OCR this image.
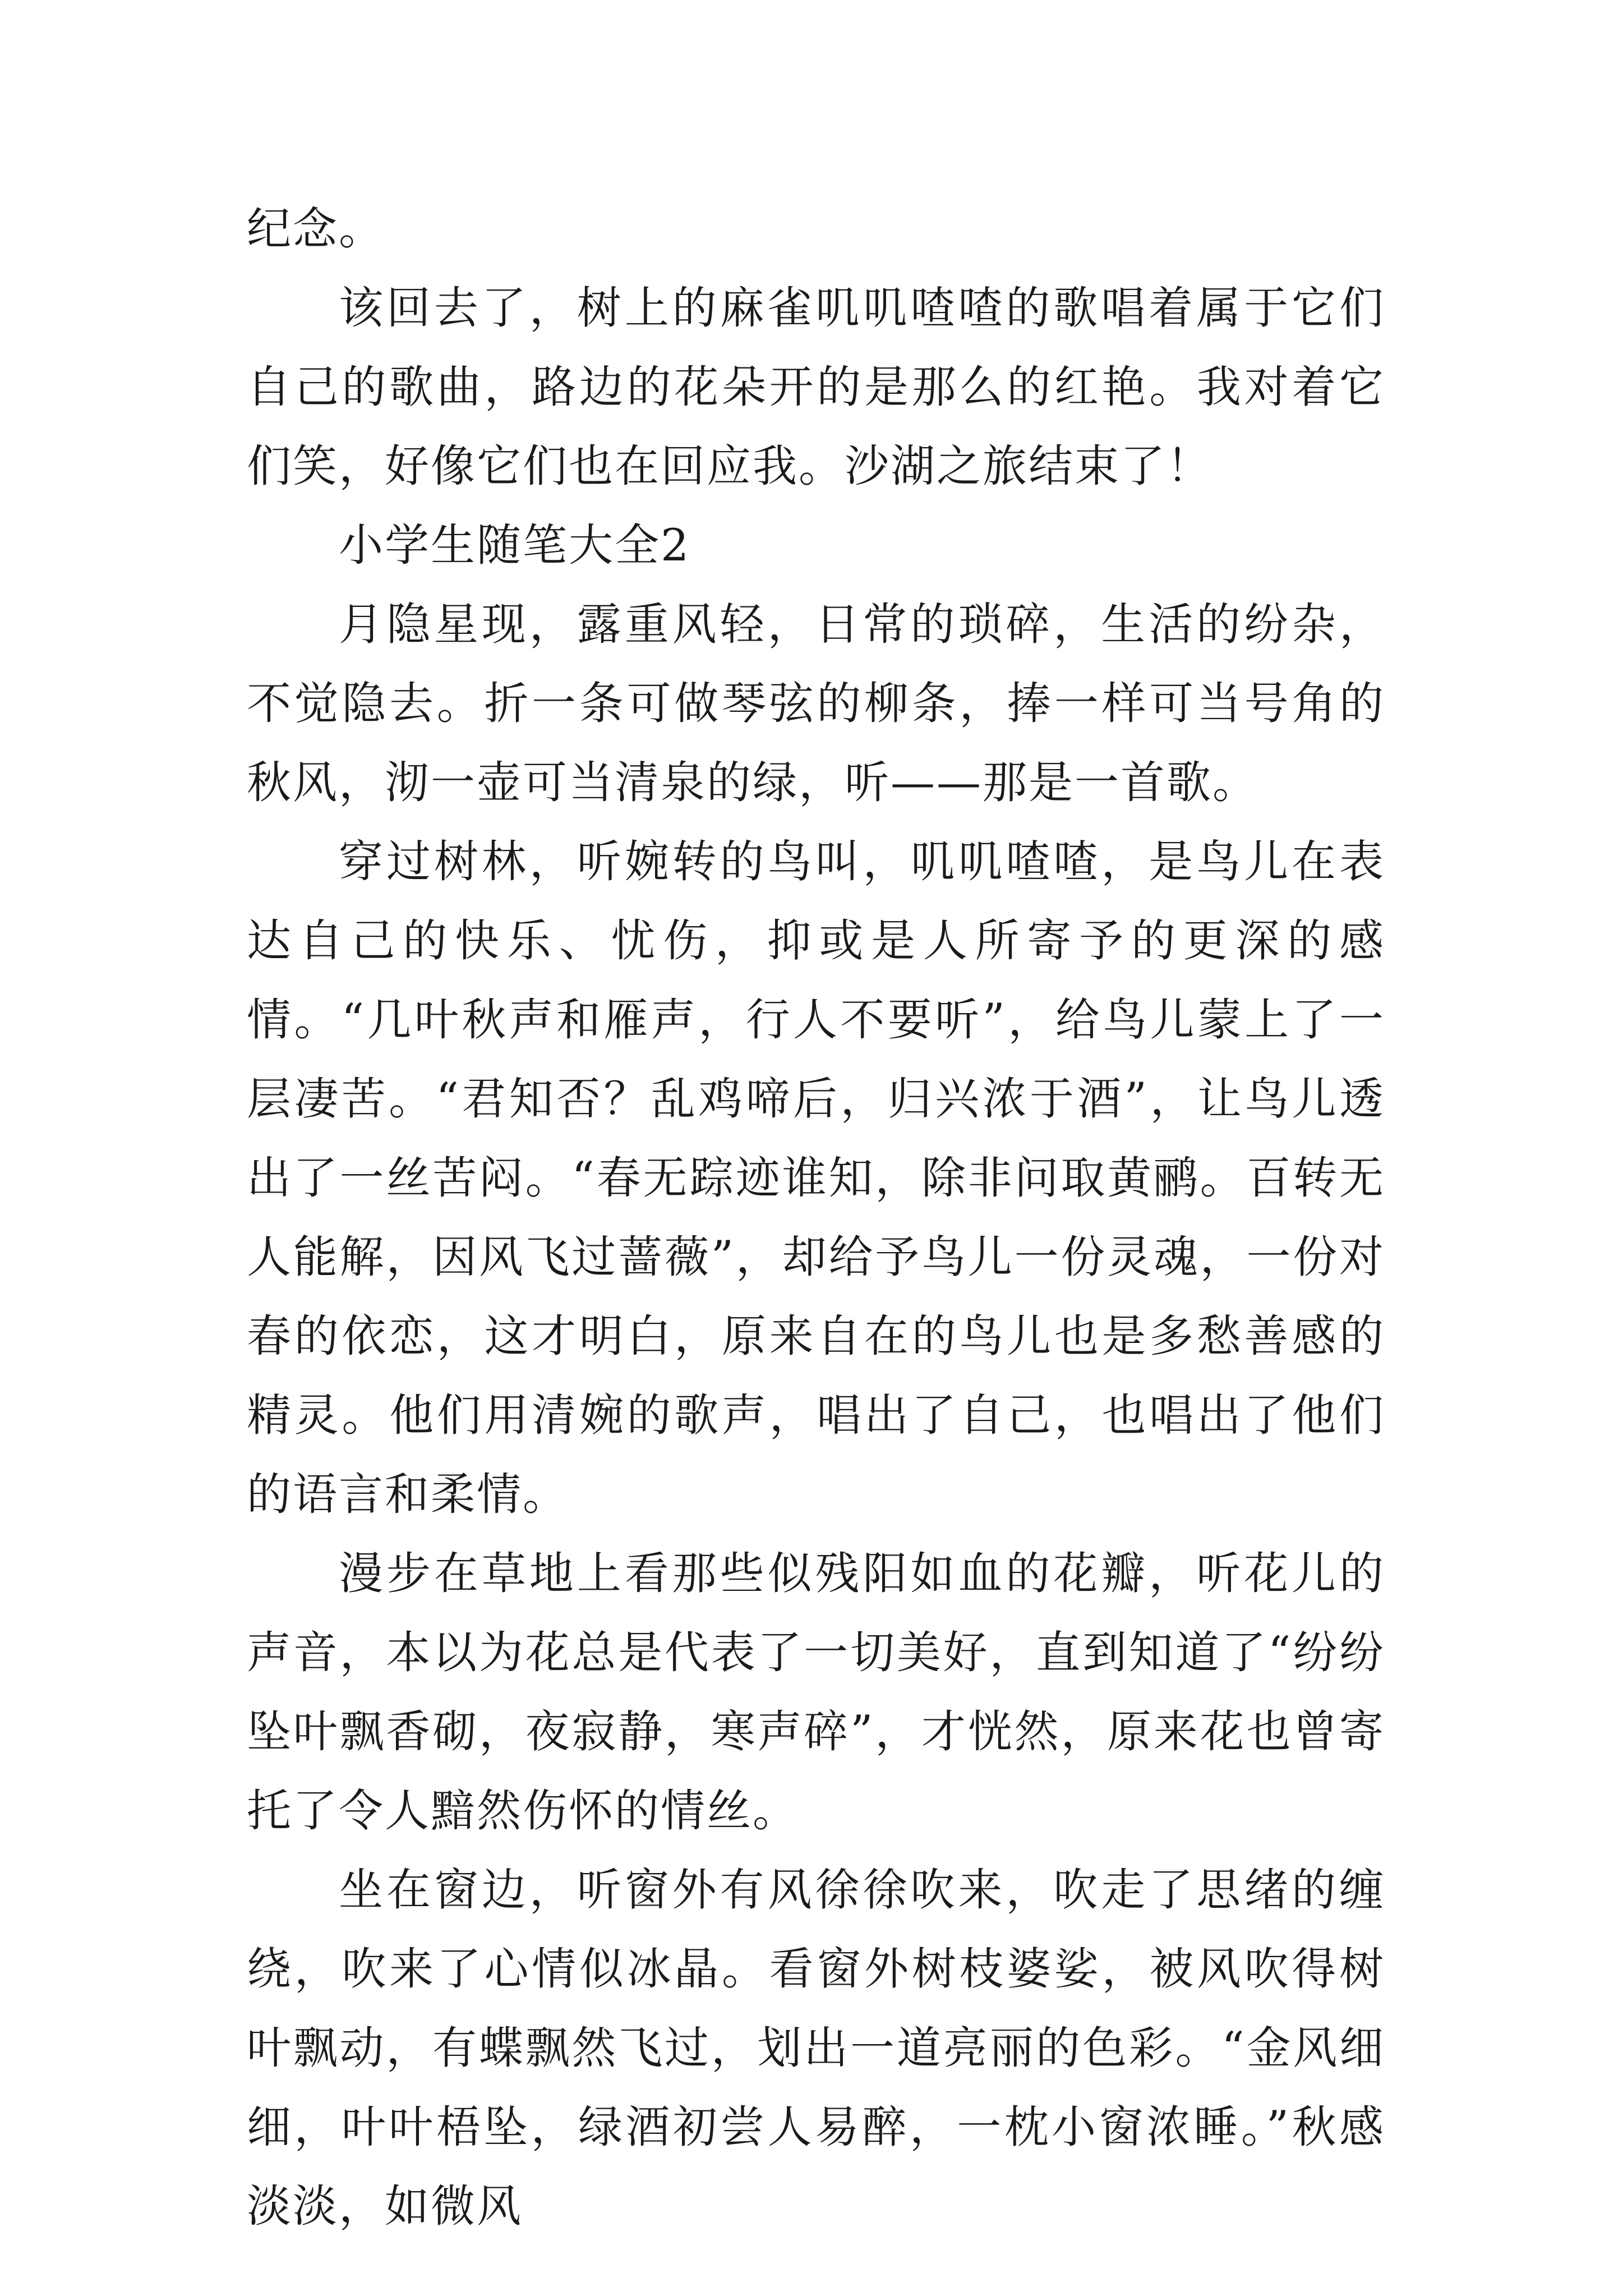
纪念。

该回去了，树上的麻雀叽叽喳喳的歌唱着属于它们自己的歌曲，路边的花朵开的是那么的红艳。我对着它们笑，好像它们也在回应我。沙湖之旅结束了！

小学生随笔大全2

月隐星现，露重风轻，日常的琐碎，生活的纷杂，不觉隐去。折一条可做琴弦的柳条，捧一样可当号角的秋风，沏一壶可当清泉的绿，听——那是一首歌。

穿过树林，听婉转的鸟叫，叽叽喳喳，是鸟儿在表达自己的快乐、忧伤，抑或是人所寄予的更深的感情。“几叶秋声和雁声，行人不要听”，给鸟儿蒙上了一层凄苦。“君知否？乱鸡啼后，归兴浓于酒”，让鸟儿透出了一丝苦闷。“春无踪迹谁知，除非问取黄鹂。百转无人能解，因风飞过蔷薇”，却给予鸟儿一份灵魂，一份对春的依恋，这才明白，原来自在的鸟儿也是多愁善感的精灵。他们用清婉的歌声，唱出了自己，也唱出了他们的语言和柔情。

漫步在草地上看那些似残阳如血的花瓣，听花儿的声音，本以为花总是代表了一切美好，直到知道了“纷纷坠叶飘香砌，夜寂静，寒声碎”，才恍然，原来花也曾寄托了令人黯然伤怀的情丝。

坐在窗边，听窗外有风徐徐吹来，吹走了思绪的缠绕，吹来了心情似冰晶。看窗外树枝婆娑，被风吹得树叶飘动，有蝶飘然飞过，划出一道亮丽的色彩。“金风细细，叶叶梧坠，绿酒初尝人易醉，一枕小窗浓睡。”秋感淡淡，如微风
